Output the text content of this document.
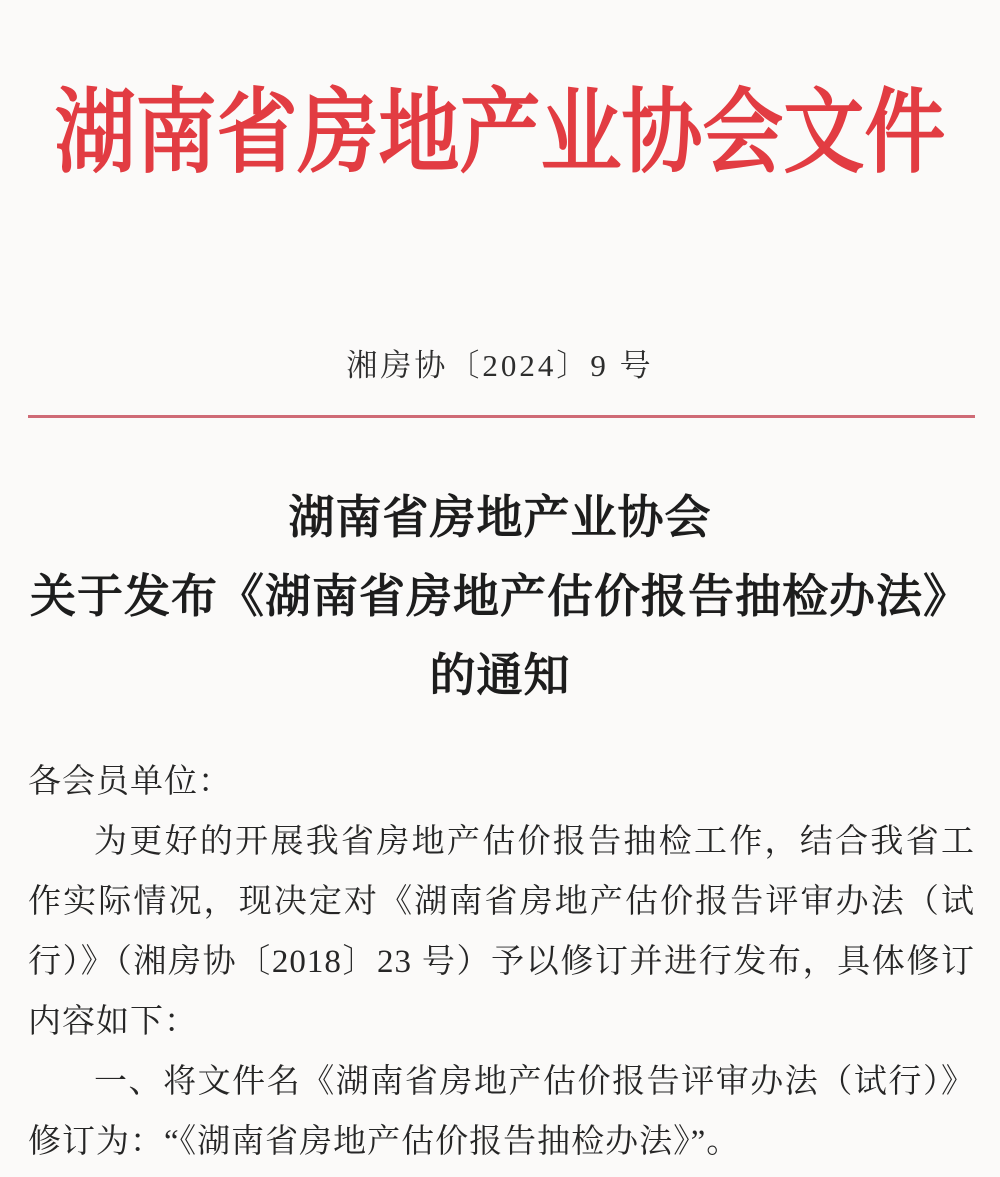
湖南省房地产业协会文件
湘房协〔2024〕9 号
湖南省房地产业协会
关于发布《湖南省房地产估价报告抽检办法》
的通知
各会员单位：

为更好的开展我省房地产估价报告抽检工作，结合我省工作实际情况，现决定对《湖南省房地产估价报告评审办法（试行）》（湘房协〔2018〕23 号）予以修订并进行发布，具体修订内容如下：

一、将文件名《湖南省房地产估价报告评审办法（试行）》修订为：“《湖南省房地产估价报告抽检办法》”。
